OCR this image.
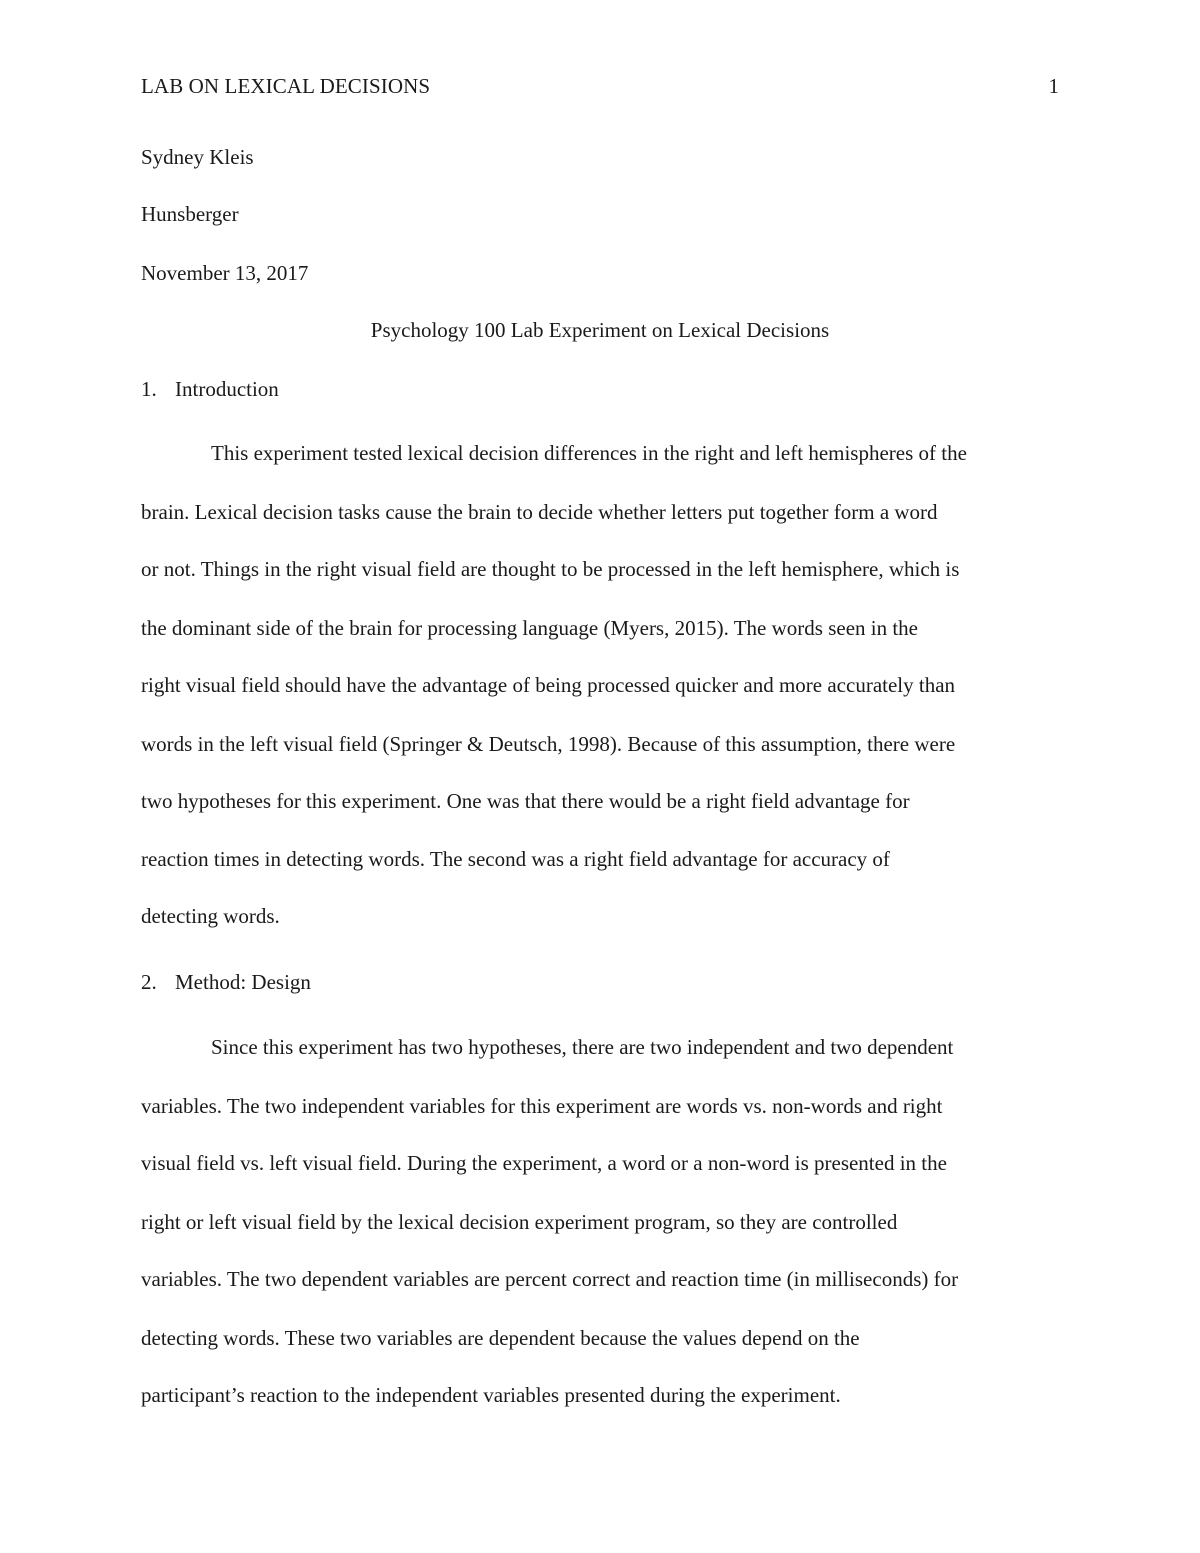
LAB ON LEXICAL DECISIONS	1
Sydney Kleis
Hunsberger
November 13, 2017
Psychology 100 Lab Experiment on Lexical Decisions
1. Introduction
This experiment tested lexical decision differences in the right and left hemispheres of the
brain. Lexical decision tasks cause the brain to decide whether letters put together form a word
or not. Things in the right visual field are thought to be processed in the left hemisphere, which is
the dominant side of the brain for processing language (Myers, 2015). The words seen in the
right visual field should have the advantage of being processed quicker and more accurately than
words in the left visual field (Springer & Deutsch, 1998). Because of this assumption, there were
two hypotheses for this experiment. One was that there would be a right field advantage for
reaction times in detecting words. The second was a right field advantage for accuracy of
detecting words.
2. Method: Design
Since this experiment has two hypotheses, there are two independent and two dependent
variables. The two independent variables for this experiment are words vs. non-words and right
visual field vs. left visual field. During the experiment, a word or a non-word is presented in the
right or left visual field by the lexical decision experiment program, so they are controlled
variables. The two dependent variables are percent correct and reaction time (in milliseconds) for
detecting words. These two variables are dependent because the values depend on the
participant’s reaction to the independent variables presented during the experiment.
